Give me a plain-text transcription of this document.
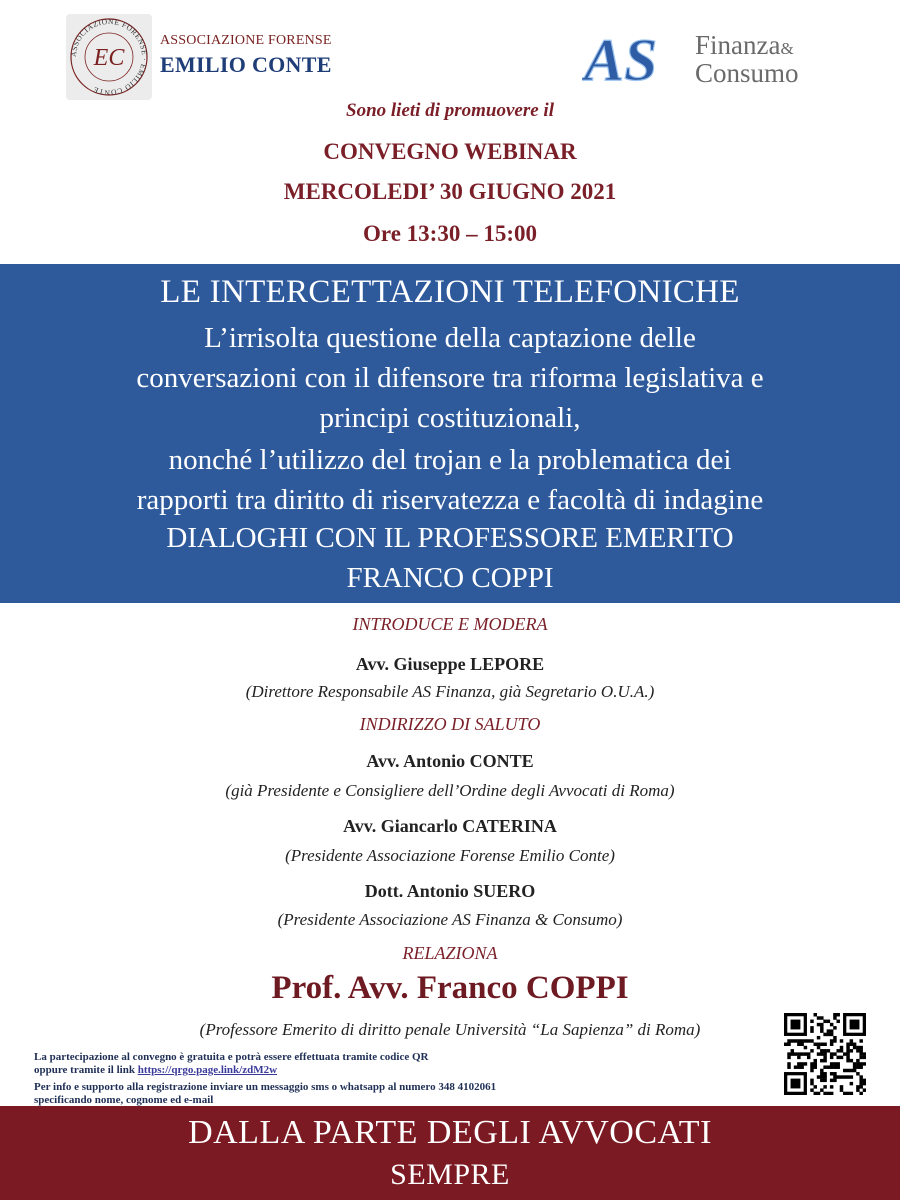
ASSOCIAZIONE FORENSE · EMILIO CONTE
EC
ASSOCIAZIONE FORENSE
EMILIO CONTE	AS Finanza&
Consumo
Sono lieti di promuovere il
CONVEGNO WEBINAR
MERCOLEDI’ 30 GIUGNO 2021
Ore 13:30 – 15:00
LE INTERCETTAZIONI TELEFONICHE
L’irrisolta questione della captazione delle
conversazioni con il difensore tra riforma legislativa e
principi costituzionali,
nonché l’utilizzo del trojan e la problematica dei
rapporti tra diritto di riservatezza e facoltà di indagine
DIALOGHI CON IL PROFESSORE EMERITO
FRANCO COPPI
INTRODUCE E MODERA
Avv. Giuseppe LEPORE
(Direttore Responsabile AS Finanza, già Segretario O.U.A.)
INDIRIZZO DI SALUTO
Avv. Antonio CONTE
(già Presidente e Consigliere dell’Ordine degli Avvocati di Roma)
Avv. Giancarlo CATERINA
(Presidente Associazione Forense Emilio Conte)
Dott. Antonio SUERO
(Presidente Associazione AS Finanza & Consumo)
RELAZIONA
Prof. Avv. Franco COPPI
(Professore Emerito di diritto penale Università “La Sapienza” di Roma)
La partecipazione al convegno è gratuita e potrà essere effettuata tramite codice QR
oppure tramite il link https://qrgo.page.link/zdM2w
Per info e supporto alla registrazione inviare un messaggio sms o whatsapp al numero 348 4102061
specificando nome, cognome ed e-mail
DALLA PARTE DEGLI AVVOCATI
SEMPRE
